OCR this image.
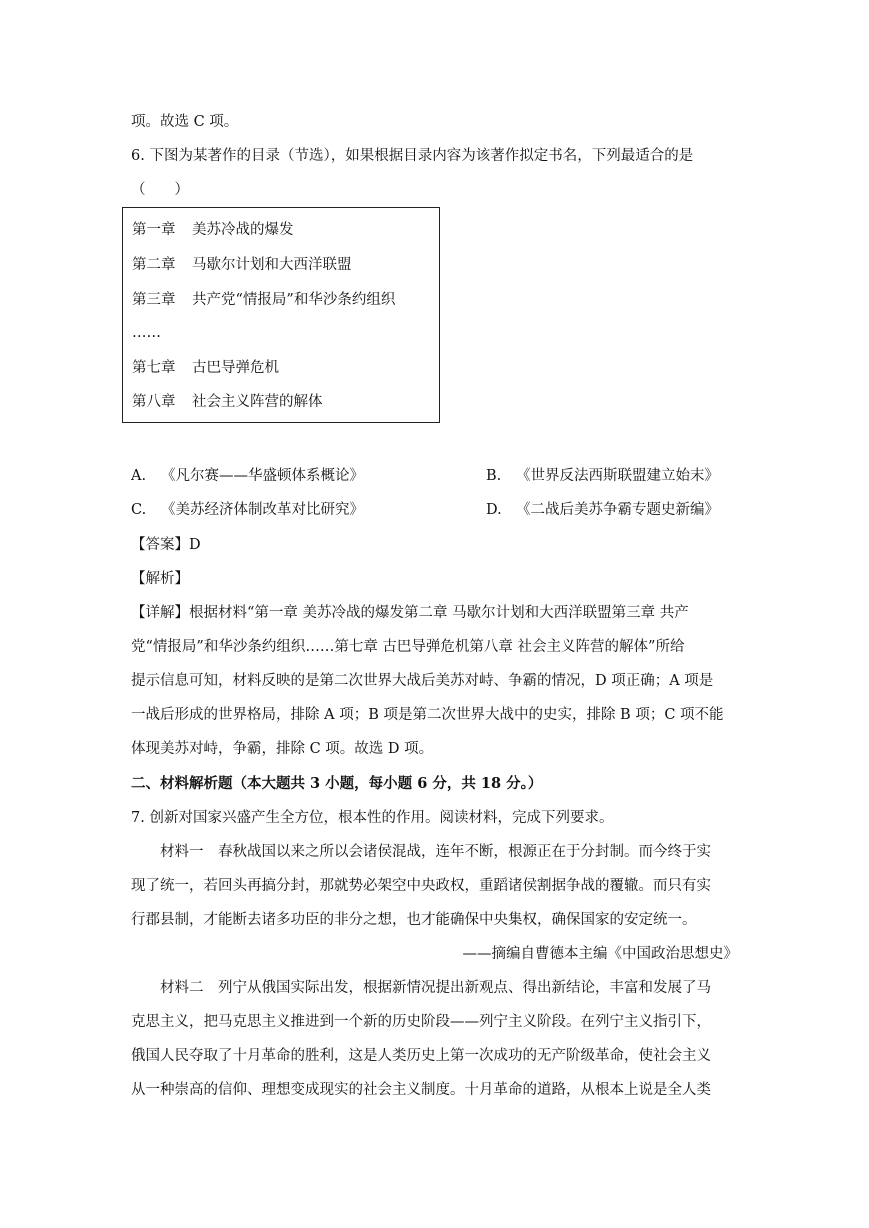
项。故选 C 项。
6. 下图为某著作的目录（节选），如果根据目录内容为该著作拟定书名，下列最适合的是
（　　）
第一章 美苏冷战的爆发
第二章 马歇尔计划和大西洋联盟
第三章 共产党“情报局”和华沙条约组织
……
第七章 古巴导弹危机
第八章 社会主义阵营的解体
A. 《凡尔赛——华盛顿体系概论》	B. 《世界反法西斯联盟建立始末》
C. 《美苏经济体制改革对比研究》	D. 《二战后美苏争霸专题史新编》
【答案】D
【解析】
【详解】根据材料“第一章 美苏冷战的爆发第二章 马歇尔计划和大西洋联盟第三章 共产
党“情报局”和华沙条约组织……第七章 古巴导弹危机第八章 社会主义阵营的解体”所给
提示信息可知，材料反映的是第二次世界大战后美苏对峙、争霸的情况，D 项正确；A 项是
一战后形成的世界格局，排除 A 项；B 项是第二次世界大战中的史实，排除 B 项；C 项不能
体现美苏对峙，争霸，排除 C 项。故选 D 项。
二、材料解析题（本大题共 3 小题，每小题 6 分，共 18 分。）
7. 创新对国家兴盛产生全方位，根本性的作用。阅读材料，完成下列要求。
材料一　春秋战国以来之所以会诸侯混战，连年不断，根源正在于分封制。而今终于实
现了统一，若回头再搞分封，那就势必架空中央政权，重蹈诸侯割据争战的覆辙。而只有实
行郡县制，才能断去诸多功臣的非分之想，也才能确保中央集权，确保国家的安定统一。
——摘编自曹德本主编《中国政治思想史》
材料二　列宁从俄国实际出发，根据新情况提出新观点、得出新结论，丰富和发展了马
克思主义，把马克思主义推进到一个新的历史阶段——列宁主义阶段。在列宁主义指引下，
俄国人民夺取了十月革命的胜利，这是人类历史上第一次成功的无产阶级革命，使社会主义
从一种崇高的信仰、理想变成现实的社会主义制度。十月革命的道路，从根本上说是全人类
